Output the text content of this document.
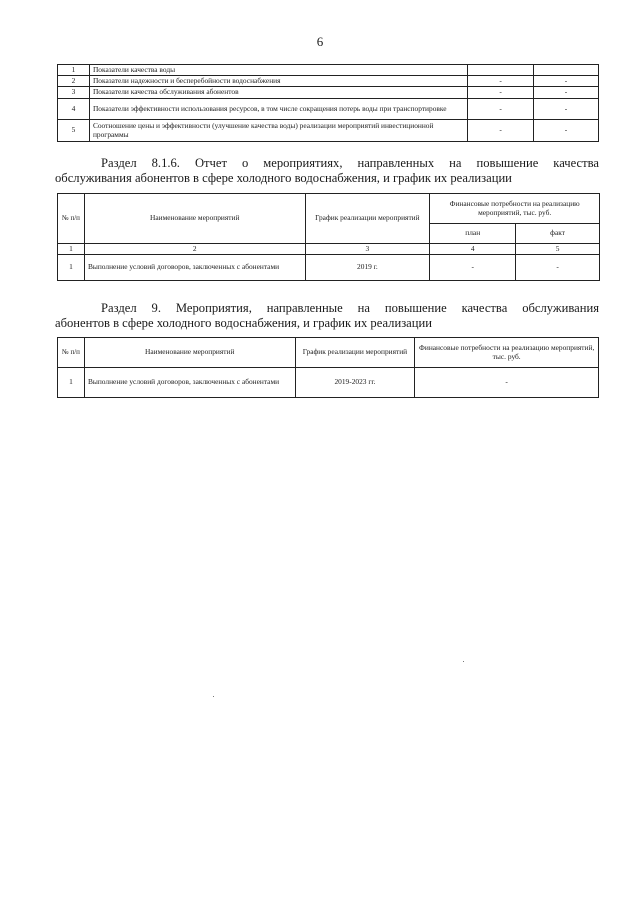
6
1	Показатели качества воды		
2	Показатели надежности и бесперебойности водоснабжения	-	-
3	Показатели качества обслуживания абонентов	-	-
4	Показатели эффективности использования ресурсов, в том числе сокращения потерь воды при транспортировке	-	-
5	Соотношение цены и эффективности (улучшение качества воды) реализации мероприятий инвестиционной программы	-	-
Раздел 8.1.6. Отчет о мероприятиях, направленных на повышение качества
обслуживания абонентов в сфере холодного водоснабжения, и график их реализации
№ п/п	Наименование мероприятий	График реализации мероприятий	Финансовые потребности на реализацию мероприятий, тыс. руб.	
			план	факт
1	2	3	4	5
1	Выполнение условий договоров, заключенных с абонентами	2019 г.	-	-
Раздел 9. Мероприятия, направленные на повышение качества обслуживания
абонентов в сфере холодного водоснабжения, и график их реализации
№ п/п	Наименование мероприятий	График реализации мероприятий	Финансовые потребности на реализацию мероприятий, тыс. руб.
1	Выполнение условий договоров, заключенных с абонентами	2019-2023 гг.	-
